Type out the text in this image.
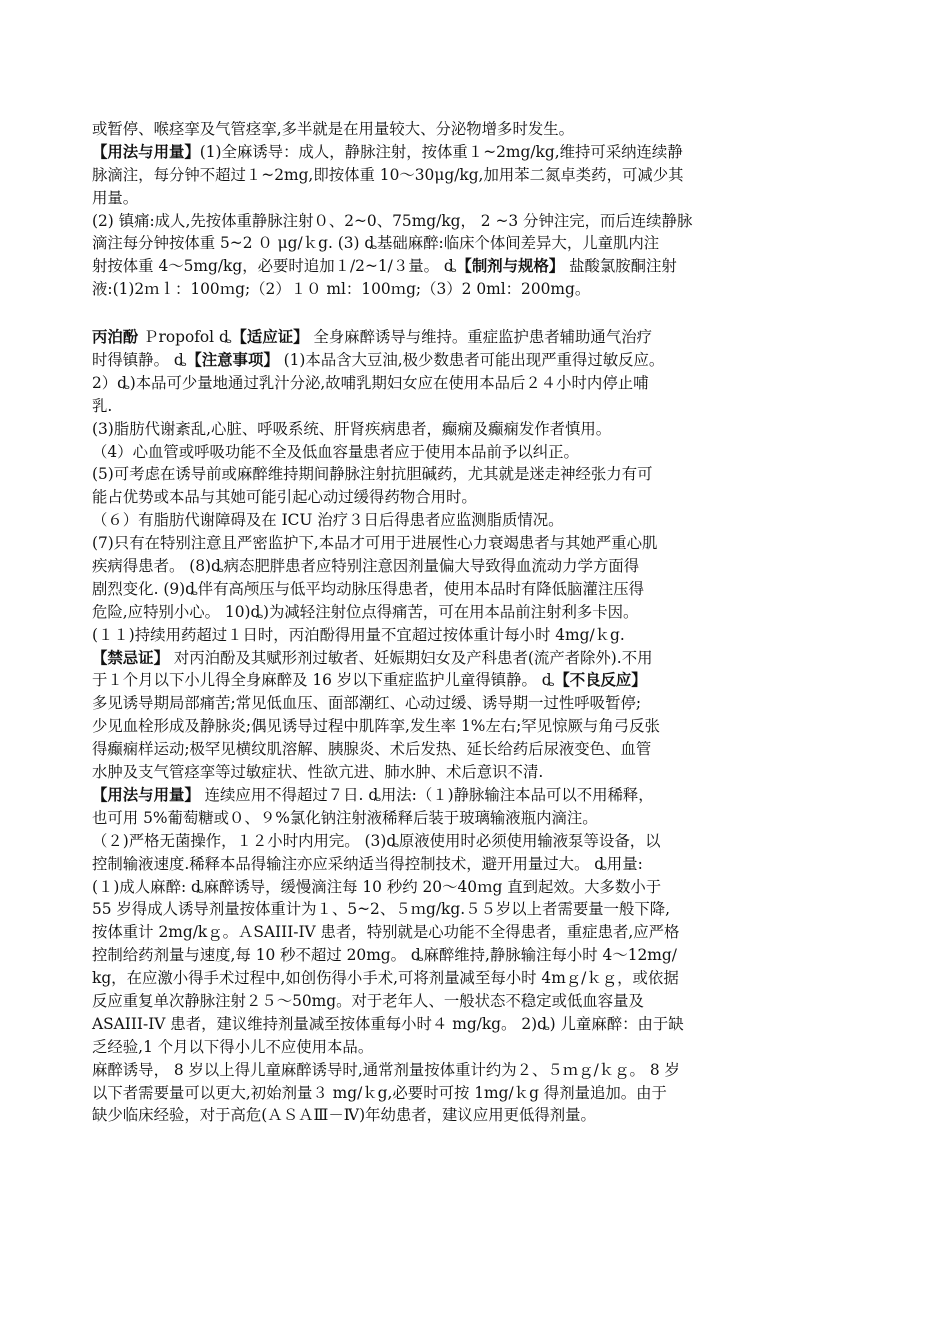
或暂停、喉痉挛及气管痉挛,多半就是在用量较大、分泌物增多时发生。
【用法与用量】(1)全麻诱导：成人，静脉注射，按体重１~2mg/kg,维持可采纳连续静
脉滴注，每分钟不超过１~2mg,即按体重 10～30μg/kg,加用苯二氮卓类药，可减少其
用量。
(2) 镇痛:成人,先按体重静脉注射０、2~0、75mg/kg， 2 ~3 分钟注完，而后连续静脉
滴注每分钟按体重 5~2 ０ μg/ｋg. (3) ȡ基础麻醉:临床个体间差异大，儿童肌内注
射按体重 4～5mg/kg，必要时追加１/2~1/３量。 ȡ【制剂与规格】 盐酸氯胺酮注射
液:(1)2ｍｌ：100ｍg;（2）１０ ml：100ｍg;（3）2 0ml：200mg。
丙泊酚 Ｐropofol ȡ【适应证】 全身麻醉诱导与维持。重症监护患者辅助通气治疗
时得镇静。 ȡ【注意事项】 (1)本品含大豆油,极少数患者可能出现严重得过敏反应。
2）ȡ)本品可少量地通过乳汁分泌,故哺乳期妇女应在使用本品后２４小时内停止哺
乳.
(3)脂肪代谢紊乱,心脏、呼吸系统、肝肾疾病患者，癫痫及癫痫发作者慎用。
（4）心血管或呼吸功能不全及低血容量患者应于使用本品前予以纠正。
(5)可考虑在诱导前或麻醉维持期间静脉注射抗胆碱药，尤其就是迷走神经张力有可
能占优势或本品与其她可能引起心动过缓得药物合用时。
（６）有脂肪代谢障碍及在 ICU 治疗３日后得患者应监测脂质情况。
(7)只有在特别注意且严密监护下,本品才可用于进展性心力衰竭患者与其她严重心肌
疾病得患者。 (8)ȡ病态肥胖患者应特别注意因剂量偏大导致得血流动力学方面得
剧烈变化. (9)ȡ伴有高颅压与低平均动脉压得患者，使用本品时有降低脑灌注压得
危险,应特别小心。 10)ȡ)为减轻注射位点得痛苦，可在用本品前注射利多卡因。
(１１)持续用药超过１日时，丙泊酚得用量不宜超过按体重计每小时 4mg/ｋg.
【禁忌证】 对丙泊酚及其赋形剂过敏者、妊娠期妇女及产科患者(流产者除外).不用
于１个月以下小儿得全身麻醉及 16 岁以下重症监护儿童得镇静。 ȡ【不良反应】
多见诱导期局部痛苦;常见低血压、面部潮红、心动过缓、诱导期一过性呼吸暂停;
少见血栓形成及静脉炎;偶见诱导过程中肌阵挛,发生率 1%左右;罕见惊厥与角弓反张
得癫痫样运动;极罕见横纹肌溶解、胰腺炎、术后发热、延长给药后尿液变色、血管
水肿及支气管痉挛等过敏症状、性欲亢进、肺水肿、术后意识不清.
【用法与用量】 连续应用不得超过７日. ȡ用法:（１)静脉输注本品可以不用稀释，
也可用 5%葡萄糖或０、９%氯化钠注射液稀释后装于玻璃输液瓶内滴注。
（２)严格无菌操作，１２小时内用完。 (3)ȡ原液使用时必须使用输液泵等设备，以
控制输液速度.稀释本品得输注亦应采纳适当得控制技术，避开用量过大。 ȡ用量:
(１)成人麻醉: ȡ麻醉诱导，缓慢滴注每 10 秒约 20～40ｍg 直到起效。大多数小于
55 岁得成人诱导剂量按体重计为１、5~2、５ｍg/kg.５５岁以上者需要量一般下降,
按体重计 2mg/kｇ。ＡSAIII-IV 患者，特别就是心功能不全得患者，重症患者,应严格
控制给药剂量与速度,每 10 秒不超过 20mg。 ȡ麻醉维持,静脉输注每小时 4～12mg/
kg，在应激小得手术过程中,如创伤得小手术,可将剂量减至每小时 4mｇ/ｋｇ，或依据
反应重复单次静脉注射２５～50mg。对于老年人、一般状态不稳定或低血容量及
ASAIII-IV 患者，建议维持剂量减至按体重每小时４ mg/kg。 2)ȡ) 儿童麻醉：由于缺
乏经验,1 个月以下得小儿不应使用本品。
麻醉诱导， 8 岁以上得儿童麻醉诱导时,通常剂量按体重计约为２、５ｍｇ/ｋｇ。 8 岁
以下者需要量可以更大,初始剂量３ mg/ｋg,必要时可按 1mg/ｋg 得剂量追加。由于
缺少临床经验，对于高危(ＡＳＡⅢ－Ⅳ)年幼患者，建议应用更低得剂量。
